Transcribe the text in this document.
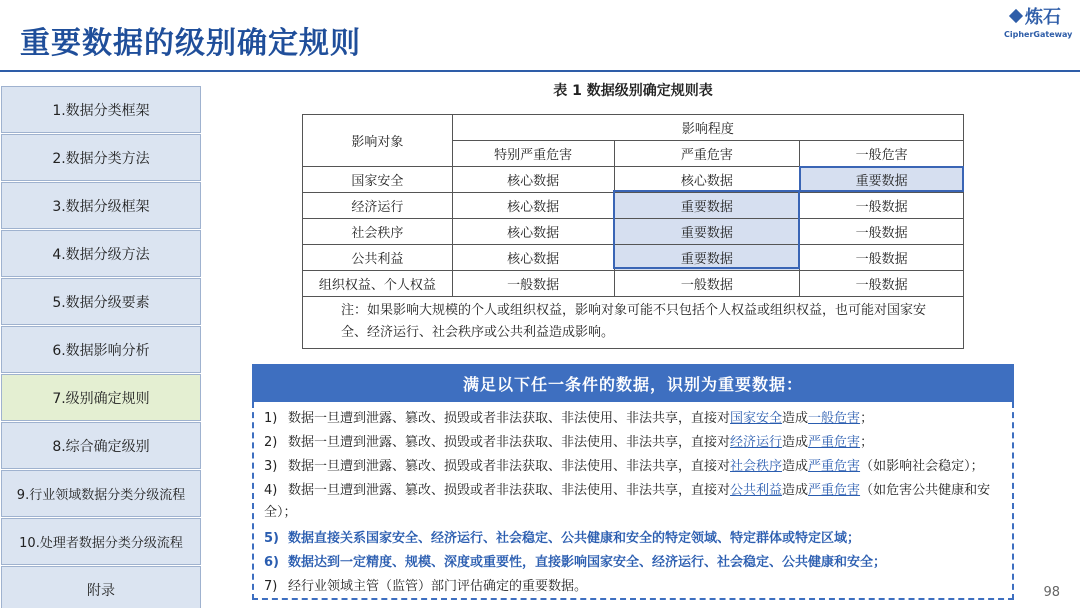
重要数据的级别确定规则
炼石
CipherGateway
1.数据分类框架
2.数据分类方法
3.数据分级框架
4.数据分级方法
5.数据分级要素
6.数据影响分析
7.级别确定规则
8.综合确定级别
9.行业领域数据分类分级流程
10.处理者数据分类分级流程
附录
表 1 数据级别确定规则表
影响对象	影响程度		
	特别严重危害	严重危害	一般危害
国家安全	核心数据	核心数据	重要数据
经济运行	核心数据	重要数据	一般数据
社会秩序	核心数据	重要数据	一般数据
公共利益	核心数据	重要数据	一般数据
组织权益、个人权益	一般数据	一般数据	一般数据
注：如果影响大规模的个人或组织权益，影响对象可能不只包括个人权益或组织权益，也可能对国家安全、经济运行、社会秩序或公共利益造成影响。			
满足以下任一条件的数据，识别为重要数据：
1) 数据一旦遭到泄露、篡改、损毁或者非法获取、非法使用、非法共享，直接对国家安全造成一般危害；
2) 数据一旦遭到泄露、篡改、损毁或者非法获取、非法使用、非法共享，直接对经济运行造成严重危害；
3) 数据一旦遭到泄露、篡改、损毁或者非法获取、非法使用、非法共享，直接对社会秩序造成严重危害（如影响社会稳定）；
4) 数据一旦遭到泄露、篡改、损毁或者非法获取、非法使用、非法共享，直接对公共利益造成严重危害（如危害公共健康和安全）；
5) 数据直接关系国家安全、经济运行、社会稳定、公共健康和安全的特定领域、特定群体或特定区域；
6) 数据达到一定精度、规模、深度或重要性，直接影响国家安全、经济运行、社会稳定、公共健康和安全；
7) 经行业领域主管（监管）部门评估确定的重要数据。	98
